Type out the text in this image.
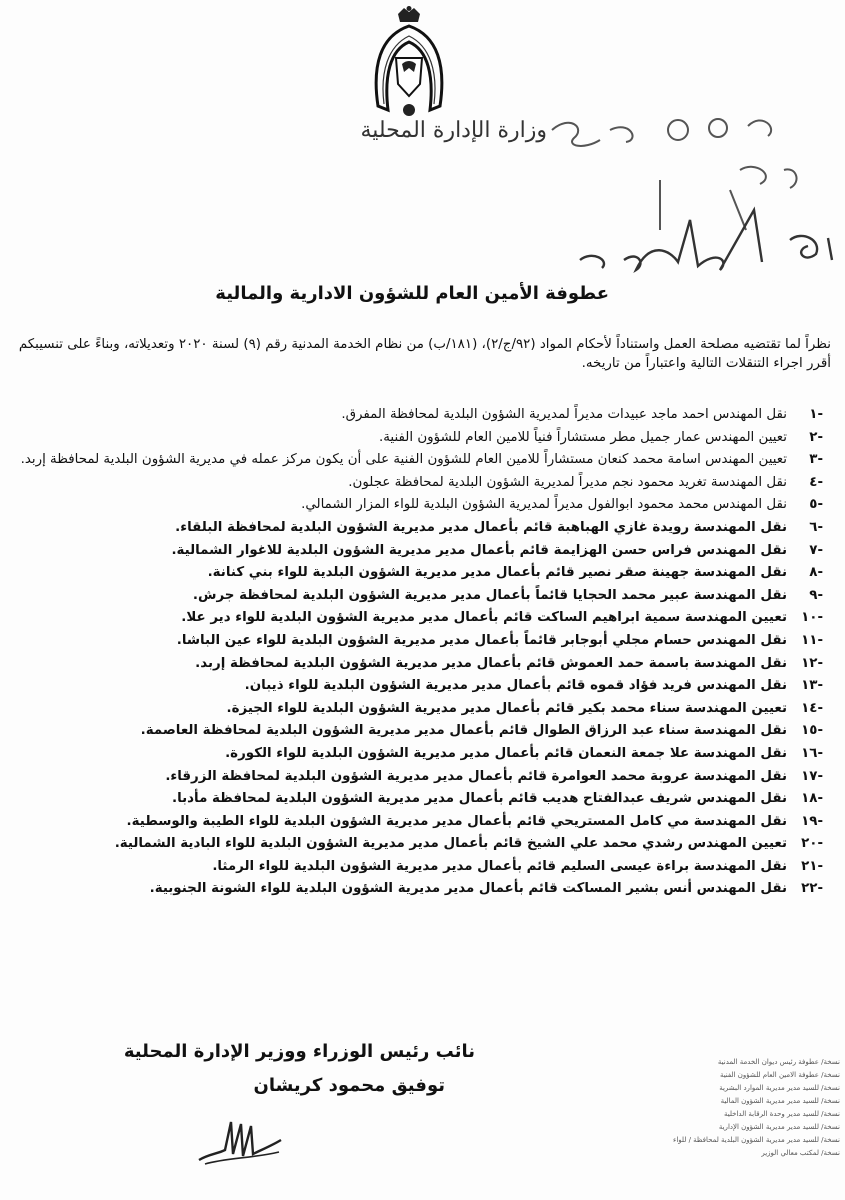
وزارة الإدارة المحلية
عطوفة الأمين العام للشؤون الادارية والمالية
نظراً لما تقتضيه مصلحة العمل واستناداً لأحكام المواد (٩٢/ج/٢)، (١٨١/ب) من نظام الخدمة المدنية رقم (٩) لسنة ٢٠٢٠ وتعديلاته، وبناءً على تنسيبكم أقرر اجراء التنقلات التالية واعتباراً من تاريخه.
-١
نقل المهندس احمد ماجد عبيدات مديراً لمديرية الشؤون البلدية لمحافظة المفرق.
-٢
تعيين المهندس عمار جميل مطر مستشاراً فنياً للامين العام للشؤون الفنية.
-٣
تعيين المهندس اسامة محمد كنعان مستشاراً للامين العام للشؤون الفنية على أن يكون مركز عمله في مديرية الشؤون البلدية لمحافظة إربد.
-٤
نقل المهندسة تغريد محمود نجم مديراً لمديرية الشؤون البلدية لمحافظة عجلون.
-٥
نقل المهندس محمد محمود ابوالفول مديراً لمديرية الشؤون البلدية للواء المزار الشمالي.
-٦
نقل المهندسة رويدة غازي الهباهبة قائم بأعمال مدير مديرية الشؤون البلدية لمحافظة البلقاء.
-٧
نقل المهندس فراس حسن الهزايمة قائم بأعمال مدير مديرية الشؤون البلدية للاغوار الشمالية.
-٨
نقل المهندسة جهينة صقر نصير قائم بأعمال مدير مديرية الشؤون البلدية للواء بني كنانة.
-٩
نقل المهندسة عبير محمد الحجايا قائماً بأعمال مدير مديرية الشؤون البلدية لمحافظة جرش.
-١٠
تعيين المهندسة سمية ابراهيم الساكت قائم بأعمال مدير مديرية الشؤون البلدية للواء دير علا.
-١١
نقل المهندس حسام مجلي أبوجابر قائماً بأعمال مدير مديرية الشؤون البلدية للواء عين الباشا.
-١٢
نقل المهندسة باسمة حمد العموش قائم بأعمال مدير مديرية الشؤون البلدية لمحافظة إربد.
-١٣
نقل المهندس فريد فؤاد قموه قائم بأعمال مدير مديرية الشؤون البلدية للواء ذيبان.
-١٤
تعيين المهندسة سناء محمد بكير قائم بأعمال مدير مديرية الشؤون البلدية للواء الجيزة.
-١٥
نقل المهندسة سناء عبد الرزاق الطوال قائم بأعمال مدير مديرية الشؤون البلدية لمحافظة العاصمة.
-١٦
نقل المهندسة علا جمعة النعمان قائم بأعمال مدير مديرية الشؤون البلدية للواء الكورة.
-١٧
نقل المهندسة عروبة محمد العوامرة قائم بأعمال مدير مديرية الشؤون البلدية لمحافظة الزرقاء.
-١٨
نقل المهندس شريف عبدالفتاح هديب قائم بأعمال مدير مديرية الشؤون البلدية لمحافظة مأدبا.
-١٩
نقل المهندسة مي كامل المستريحي قائم بأعمال مدير مديرية الشؤون البلدية للواء الطيبة والوسطية.
-٢٠
تعيين المهندس رشدي محمد علي الشيخ قائم بأعمال مدير مديرية الشؤون البلدية للواء البادية الشمالية.
-٢١
نقل المهندسة براءة عيسى السليم قائم بأعمال مدير مديرية الشؤون البلدية للواء الرمثا.
-٢٢
نقل المهندس أنس بشير المساكت قائم بأعمال مدير مديرية الشؤون البلدية للواء الشونة الجنوبية.
نائب رئيس الوزراء ووزير الإدارة المحلية
توفيق محمود كريشان
نسخة/ عطوفة رئيس ديوان الخدمة المدنية
نسخة/ عطوفة الامين العام للشؤون الفنية
نسخة/ للسيد مدير مديرية الموارد البشرية
نسخة/ للسيد مدير مديرية الشؤون المالية
نسخة/ للسيد مدير وحدة الرقابة الداخلية
نسخة/ للسيد مدير مديرية الشؤون الإدارية
نسخة/ للسيد مدير مديرية الشؤون البلدية لمحافظة / للواء
نسخة/ لمكتب معالي الوزير
